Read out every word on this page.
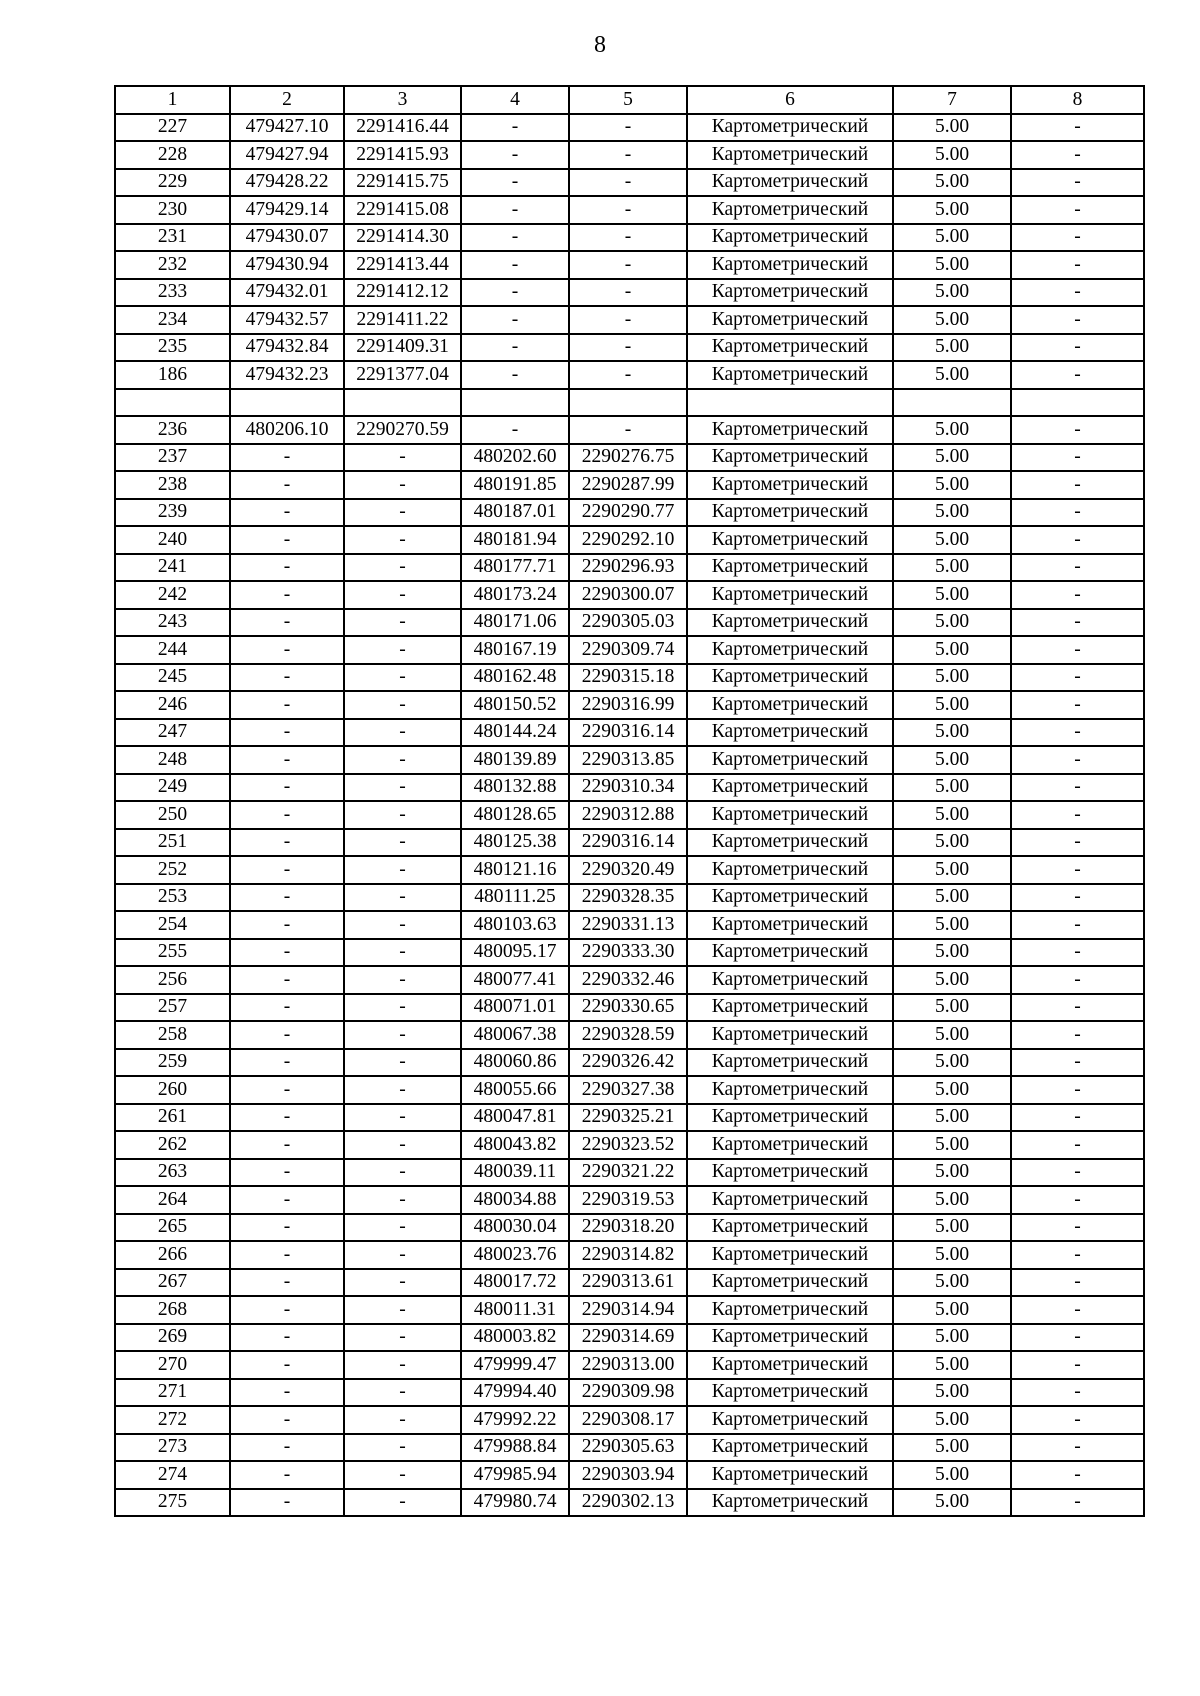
8
1	2	3	4	5	6	7	8
227	479427.10	2291416.44	-	-	Картометрический	5.00	-
228	479427.94	2291415.93	-	-	Картометрический	5.00	-
229	479428.22	2291415.75	-	-	Картометрический	5.00	-
230	479429.14	2291415.08	-	-	Картометрический	5.00	-
231	479430.07	2291414.30	-	-	Картометрический	5.00	-
232	479430.94	2291413.44	-	-	Картометрический	5.00	-
233	479432.01	2291412.12	-	-	Картометрический	5.00	-
234	479432.57	2291411.22	-	-	Картометрический	5.00	-
235	479432.84	2291409.31	-	-	Картометрический	5.00	-
186	479432.23	2291377.04	-	-	Картометрический	5.00	-

236	480206.10	2290270.59	-	-	Картометрический	5.00	-
237	-	-	480202.60	2290276.75	Картометрический	5.00	-
238	-	-	480191.85	2290287.99	Картометрический	5.00	-
239	-	-	480187.01	2290290.77	Картометрический	5.00	-
240	-	-	480181.94	2290292.10	Картометрический	5.00	-
241	-	-	480177.71	2290296.93	Картометрический	5.00	-
242	-	-	480173.24	2290300.07	Картометрический	5.00	-
243	-	-	480171.06	2290305.03	Картометрический	5.00	-
244	-	-	480167.19	2290309.74	Картометрический	5.00	-
245	-	-	480162.48	2290315.18	Картометрический	5.00	-
246	-	-	480150.52	2290316.99	Картометрический	5.00	-
247	-	-	480144.24	2290316.14	Картометрический	5.00	-
248	-	-	480139.89	2290313.85	Картометрический	5.00	-
249	-	-	480132.88	2290310.34	Картометрический	5.00	-
250	-	-	480128.65	2290312.88	Картометрический	5.00	-
251	-	-	480125.38	2290316.14	Картометрический	5.00	-
252	-	-	480121.16	2290320.49	Картометрический	5.00	-
253	-	-	480111.25	2290328.35	Картометрический	5.00	-
254	-	-	480103.63	2290331.13	Картометрический	5.00	-
255	-	-	480095.17	2290333.30	Картометрический	5.00	-
256	-	-	480077.41	2290332.46	Картометрический	5.00	-
257	-	-	480071.01	2290330.65	Картометрический	5.00	-
258	-	-	480067.38	2290328.59	Картометрический	5.00	-
259	-	-	480060.86	2290326.42	Картометрический	5.00	-
260	-	-	480055.66	2290327.38	Картометрический	5.00	-
261	-	-	480047.81	2290325.21	Картометрический	5.00	-
262	-	-	480043.82	2290323.52	Картометрический	5.00	-
263	-	-	480039.11	2290321.22	Картометрический	5.00	-
264	-	-	480034.88	2290319.53	Картометрический	5.00	-
265	-	-	480030.04	2290318.20	Картометрический	5.00	-
266	-	-	480023.76	2290314.82	Картометрический	5.00	-
267	-	-	480017.72	2290313.61	Картометрический	5.00	-
268	-	-	480011.31	2290314.94	Картометрический	5.00	-
269	-	-	480003.82	2290314.69	Картометрический	5.00	-
270	-	-	479999.47	2290313.00	Картометрический	5.00	-
271	-	-	479994.40	2290309.98	Картометрический	5.00	-
272	-	-	479992.22	2290308.17	Картометрический	5.00	-
273	-	-	479988.84	2290305.63	Картометрический	5.00	-
274	-	-	479985.94	2290303.94	Картометрический	5.00	-
275	-	-	479980.74	2290302.13	Картометрический	5.00	-
